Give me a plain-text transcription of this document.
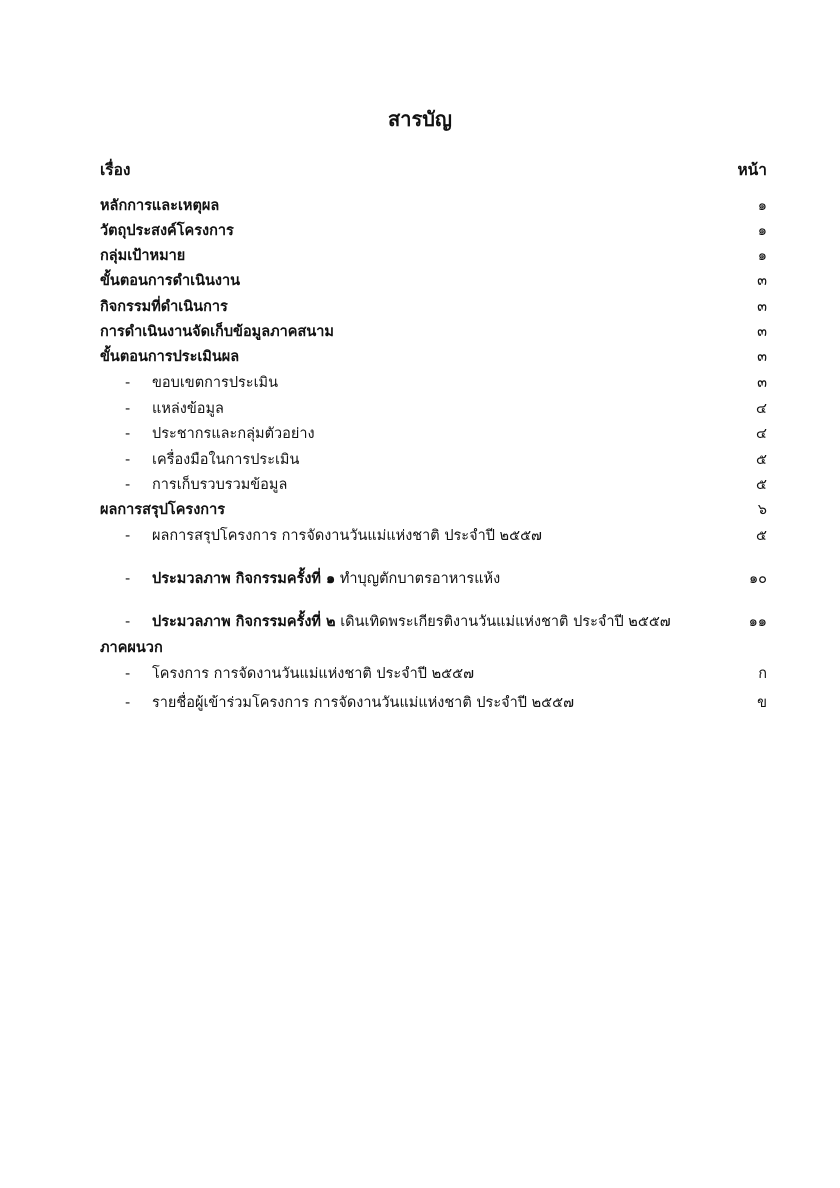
สารบัญ
เรื่อง	หน้า
หลักการและเหตุผล	๑
วัตถุประสงค์โครงการ	๑
กลุ่มเป้าหมาย	๑
ขั้นตอนการดำเนินงาน	๓
กิจกรรมที่ดำเนินการ	๓
การดำเนินงานจัดเก็บข้อมูลภาคสนาม	๓
ขั้นตอนการประเมินผล	๓
- ขอบเขตการประเมิน	๓
- แหล่งข้อมูล	๔
- ประชากรและกลุ่มตัวอย่าง	๔
- เครื่องมือในการประเมิน	๕
- การเก็บรวบรวมข้อมูล	๕
ผลการสรุปโครงการ	๖
- ผลการสรุปโครงการ การจัดงานวันแม่แห่งชาติ ประจำปี ๒๕๕๗	๕
- ประมวลภาพ กิจกรรมครั้งที่ ๑ ทำบุญตักบาตรอาหารแห้ง	๑๐
- ประมวลภาพ กิจกรรมครั้งที่ ๒ เดินเทิดพระเกียรติงานวันแม่แห่งชาติ ประจำปี ๒๕๕๗	๑๑
ภาคผนวก
- โครงการ การจัดงานวันแม่แห่งชาติ ประจำปี ๒๕๕๗	ก
- รายชื่อผู้เข้าร่วมโครงการ การจัดงานวันแม่แห่งชาติ ประจำปี ๒๕๕๗	ข
